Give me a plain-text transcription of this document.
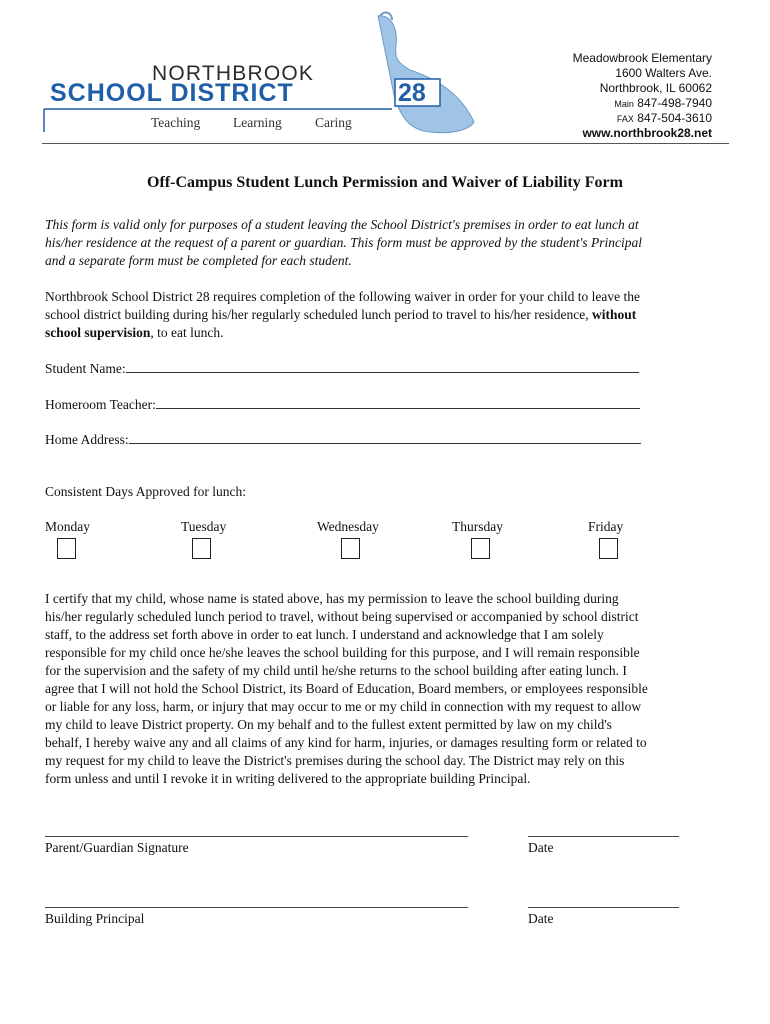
NORTHBROOK
SCHOOL DISTRICT	28
Teaching Learning Caring
Meadowbrook Elementary
1600 Walters Ave.
Northbrook, IL 60062
Main 847-498-7940
FAX 847-504-3610
www.northbrook28.net
Off-Campus Student Lunch Permission and Waiver of Liability Form
This form is valid only for purposes of a student leaving the School District's premises in order to eat lunch at
his/her residence at the request of a parent or guardian. This form must be approved by the student's Principal
and a separate form must be completed for each student.
Northbrook School District 28 requires completion of the following waiver in order for your child to leave the
school district building during his/her regularly scheduled lunch period to travel to his/her residence, without
school supervision, to eat lunch.
Student Name:
Homeroom Teacher:
Home Address:
Consistent Days Approved for lunch:
Monday	Tuesday	Wednesday	Thursday	Friday
I certify that my child, whose name is stated above, has my permission to leave the school building during
his/her regularly scheduled lunch period to travel, without being supervised or accompanied by school district
staff, to the address set forth above in order to eat lunch. I understand and acknowledge that I am solely
responsible for my child once he/she leaves the school building for this purpose, and I will remain responsible
for the supervision and the safety of my child until he/she returns to the school building after eating lunch. I
agree that I will not hold the School District, its Board of Education, Board members, or employees responsible
or liable for any loss, harm, or injury that may occur to me or my child in connection with my request to allow
my child to leave District property. On my behalf and to the fullest extent permitted by law on my child's
behalf, I hereby waive any and all claims of any kind for harm, injuries, or damages resulting form or related to
my request for my child to leave the District's premises during the school day. The District may rely on this
form unless and until I revoke it in writing delivered to the appropriate building Principal.
Parent/Guardian Signature	Date
Building Principal	Date
